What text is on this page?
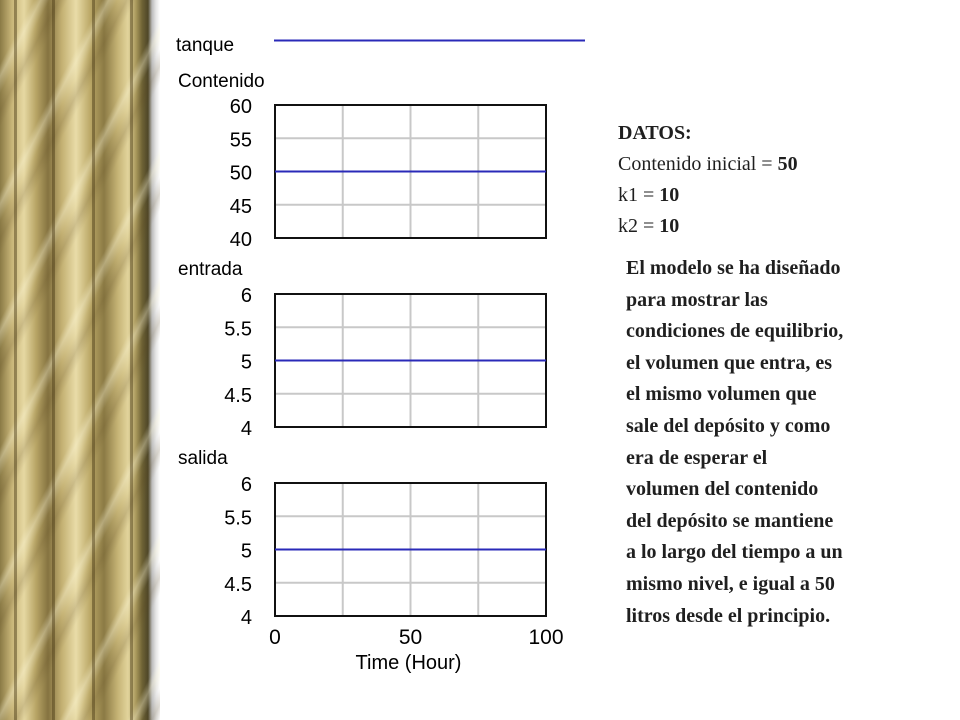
tanque
Contenido
60
55
50
45
40
entrada
6
5.5
5
4.5
4
salida
6
5.5
5
4.5
4
0	50	100
Time (Hour)
DATOS:
Contenido inicial = 50
k1 = 10
k2 = 10
El modelo se ha diseñado
para mostrar las
condiciones de equilibrio,
el volumen que entra, es
el mismo volumen que
sale del depósito y como
era de esperar el
volumen del contenido
del depósito se mantiene
a lo largo del tiempo a un
mismo nivel, e igual a 50
litros desde el principio.
